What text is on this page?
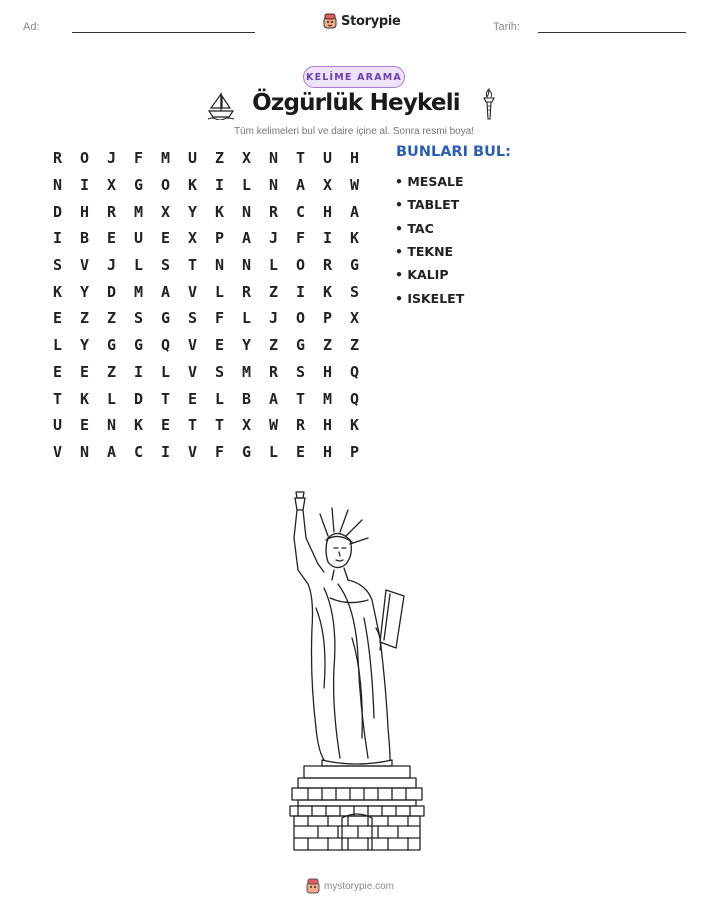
Ad:	Storypie	Tarih:
KELİME ARAMA
Özgürlük Heykeli
Tüm kelimeleri bul ve daire içine al. Sonra resmi boya!
R	O	J	F	M	U	Z	X	N	T	U	H
N	I	X	G	O	K	I	L	N	A	X	W
D	H	R	M	X	Y	K	N	R	C	H	A
I	B	E	U	E	X	P	A	J	F	I	K
S	V	J	L	S	T	N	N	L	O	R	G
K	Y	D	M	A	V	L	R	Z	I	K	S
E	Z	Z	S	G	S	F	L	J	O	P	X
L	Y	G	G	Q	V	E	Y	Z	G	Z	Z
E	E	Z	I	L	V	S	M	R	S	H	Q
T	K	L	D	T	E	L	B	A	T	M	Q
U	E	N	K	E	T	T	X	W	R	H	K
V	N	A	C	I	V	F	G	L	E	H	P
BUNLARI BUL:
• MESALE
• TABLET
• TAC
• TEKNE
• KALIP
• ISKELET
mystorypie.com
